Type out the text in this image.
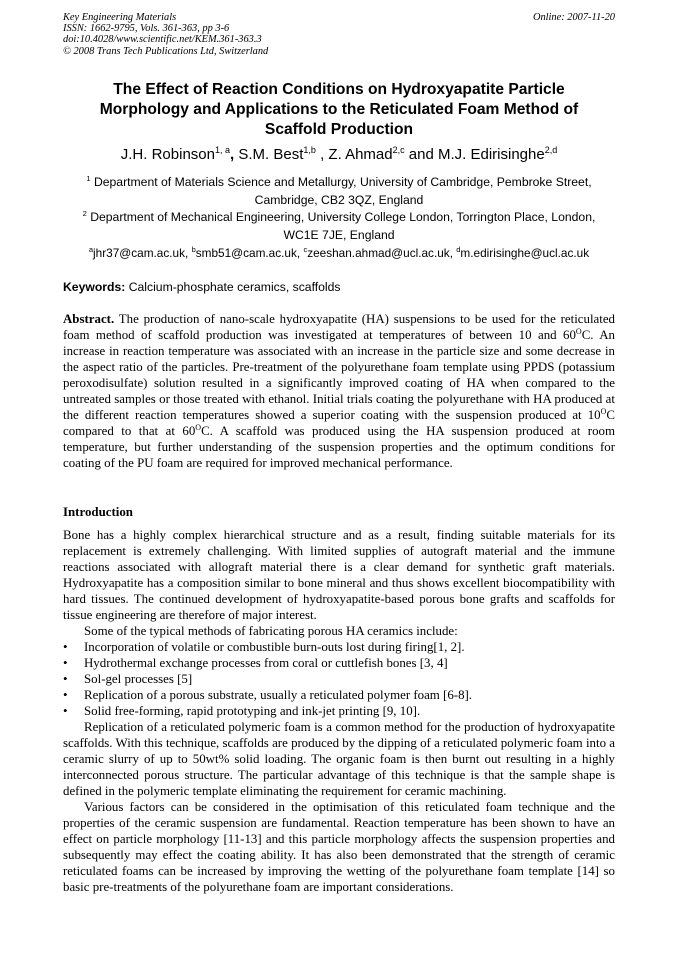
Key Engineering Materials
ISSN: 1662-9795, Vols. 361-363, pp 3-6
doi:10.4028/www.scientific.net/KEM.361-363.3
© 2008 Trans Tech Publications Ltd, Switzerland
Online: 2007-11-20
The Effect of Reaction Conditions on Hydroxyapatite Particle Morphology and Applications to the Reticulated Foam Method of Scaffold Production
J.H. Robinson$^{1, a}$, S.M. Best$^{1,b}$ , Z. Ahmad$^{2,c}$ and M.J. Edirisinghe$^{2,d}$
$^1$ Department of Materials Science and Metallurgy, University of Cambridge, Pembroke Street, Cambridge, CB2 3QZ, England
$^2$ Department of Mechanical Engineering, University College London, Torrington Place, London, WC1E 7JE, England
$^a$jhr37@cam.ac.uk, $^b$smb51@cam.ac.uk, $^c$zeeshan.ahmad@ucl.ac.uk, $^d$m.edirisinghe@ucl.ac.uk
Keywords: Calcium-phosphate ceramics, scaffolds
Abstract. The production of nano-scale hydroxyapatite (HA) suspensions to be used for the reticulated foam method of scaffold production was investigated at temperatures of between 10 and $60^OC$. An increase in reaction temperature was associated with an increase in the particle size and some decrease in the aspect ratio of the particles. Pre-treatment of the polyurethane foam template using PPDS (potassium peroxodisulfate) solution resulted in a significantly improved coating of HA when compared to the untreated samples or those treated with ethanol. Initial trials coating the polyurethane with HA produced at the different reaction temperatures showed a superior coating with the suspension produced at $10^OC$ compared to that at $60^OC$. A scaffold was produced using the HA suspension produced at room temperature, but further understanding of the suspension properties and the optimum conditions for coating of the PU foam are required for improved mechanical performance.
Introduction

Bone has a highly complex hierarchical structure and as a result, finding suitable materials for its replacement is extremely challenging. With limited supplies of autograft material and the immune reactions associated with allograft material there is a clear demand for synthetic graft materials. Hydroxyapatite has a composition similar to bone mineral and thus shows excellent biocompatibility with hard tissues. The continued development of hydroxyapatite-based porous bone grafts and scaffolds for tissue engineering are therefore of major interest.

Some of the typical methods of fabricating porous HA ceramics include:

• Incorporation of volatile or combustible burn-outs lost during firing[1, 2].
• Hydrothermal exchange processes from coral or cuttlefish bones [3, 4]
• Sol-gel processes [5]
• Replication of a porous substrate, usually a reticulated polymer foam [6-8].
• Solid free-forming, rapid prototyping and ink-jet printing [9, 10].

Replication of a reticulated polymeric foam is a common method for the production of hydroxyapatite scaffolds. With this technique, scaffolds are produced by the dipping of a reticulated polymeric foam into a ceramic slurry of up to 50wt% solid loading. The organic foam is then burnt out resulting in a highly interconnected porous structure. The particular advantage of this technique is that the sample shape is defined in the polymeric template eliminating the requirement for ceramic machining.

Various factors can be considered in the optimisation of this reticulated foam technique and the properties of the ceramic suspension are fundamental. Reaction temperature has been shown to have an effect on particle morphology [11-13] and this particle morphology affects the suspension properties and subsequently may effect the coating ability. It has also been demonstrated that the strength of ceramic reticulated foams can be increased by improving the wetting of the polyurethane foam template [14] so basic pre-treatments of the polyurethane foam are important considerations.
